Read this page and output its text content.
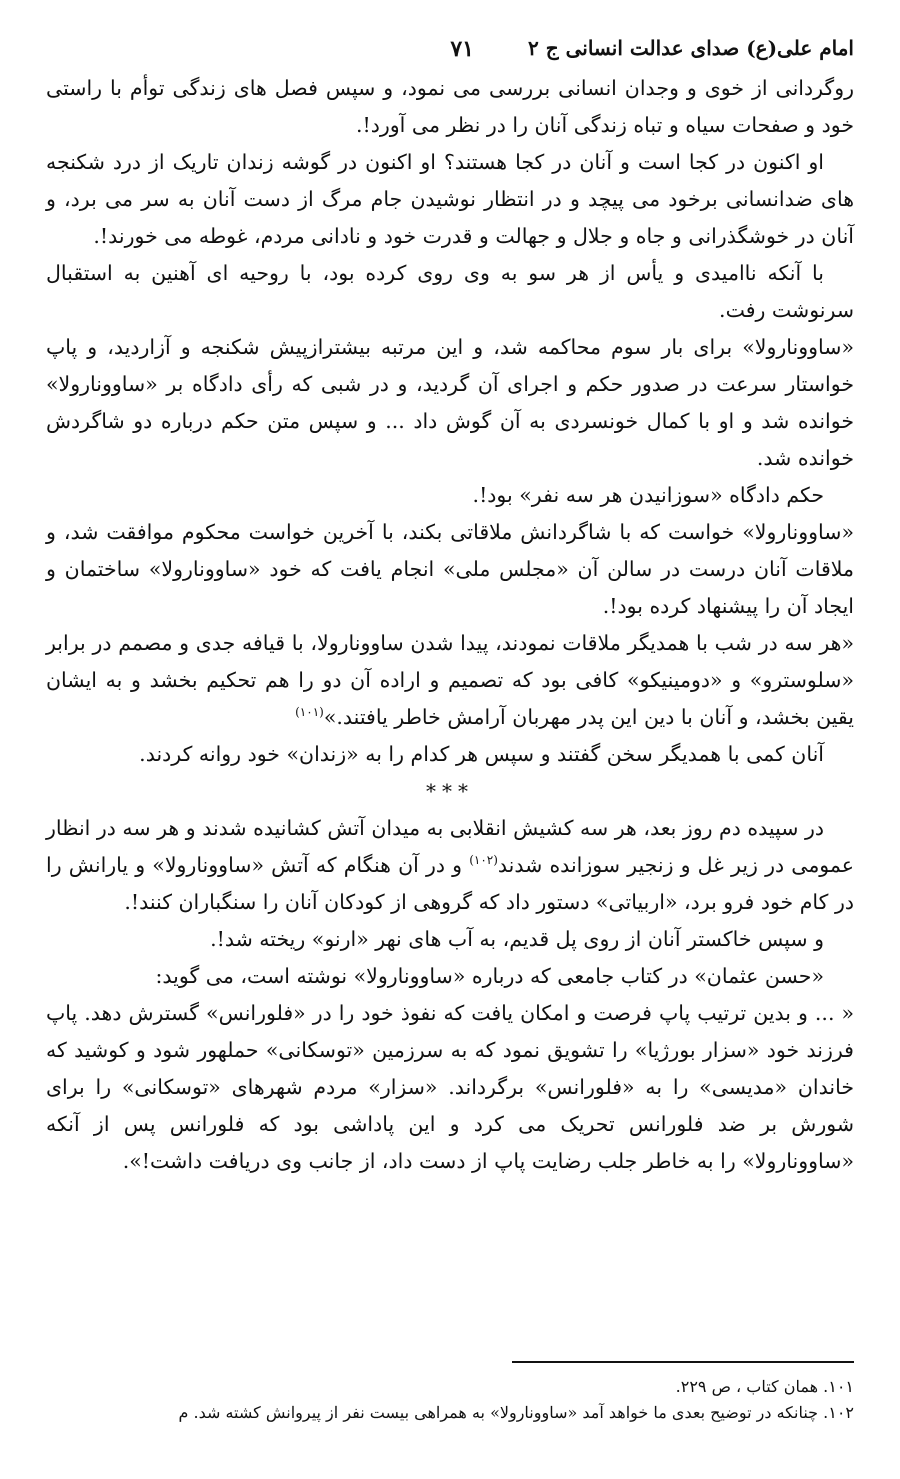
امام علی(ع) صدای عدالت انسانی ج ۲
۷۱

روگردانی از خوی و وجدان انسانی بررسی می نمود، و سپس فصل های زندگی توأم با راستی خود و صفحات سیاه و تباه زندگی آنان را در نظر می آورد!.

او اکنون در کجا است و آنان در کجا هستند؟ او اکنون در گوشه زندان تاریک از درد شکنجه های ضدانسانی برخود می پیچد و در انتظار نوشیدن جام مرگ از دست آنان به سر می برد، و آنان در خوشگذرانی و جاه و جلال و جهالت و قدرت خود و نادانی مردم، غوطه می خورند!.

با آنکه ناامیدی و یأس از هر سو به وی روی کرده بود، با روحیه ای آهنین به استقبال سرنوشت رفت.

«ساوونارولا» برای بار سوم محاکمه شد، و این مرتبه بیشترازپیش شکنجه و آزاردید، و پاپ خواستار سرعت در صدور حکم و اجرای آن گردید، و در شبی که رأی دادگاه بر «ساوونارولا» خوانده شد و او با کمال خونسردی به آن گوش داد ... و سپس متن حکم درباره دو شاگردش خوانده شد.

حکم دادگاه «سوزانیدن هر سه نفر» بود!.

«ساوونارولا» خواست که با شاگردانش ملاقاتی بکند، با آخرین خواست محکوم موافقت شد، و ملاقات آنان درست در سالن آن «مجلس ملی» انجام یافت که خود «ساوونارولا» ساختمان و ایجاد آن را پیشنهاد کرده بود!.

«هر سه در شب با همدیگر ملاقات نمودند، پیدا شدن ساوونارولا، با قیافه جدی و مصمم در برابر «سلوسترو» و «دومینیکو» کافی بود که تصمیم و اراده آن دو را هم تحکیم بخشد و به ایشان یقین بخشد، و آنان با دین این پدر مهربان آرامش خاطر یافتند.»$^{(۱۰۱)}$

آنان کمی با همدیگر سخن گفتند و سپس هر کدام را به «زندان» خود روانه کردند.

***

در سپیده دم روز بعد، هر سه کشیش انقلابی به میدان آتش کشانیده شدند و هر سه در انظار عمومی در زیر غل و زنجیر سوزانده شدند$^{(۱۰۲)}$ و در آن هنگام که آتش «ساوونارولا» و یارانش را در کام خود فرو برد، «اربیاتی» دستور داد که گروهی از کودکان آنان را سنگباران کنند!.

و سپس خاکستر آنان از روی پل قدیم، به آب های نهر «ارنو» ریخته شد!.

«حسن عثمان» در کتاب جامعی که درباره «ساوونارولا» نوشته است، می گوید:

« ... و بدین ترتیب پاپ فرصت و امکان یافت که نفوذ خود را در «فلورانس» گسترش دهد. پاپ فرزند خود «سزار بورژیا» را تشویق نمود که به سرزمین «توسکانی» حملهور شود و کوشید که خاندان «مدیسی» را به «فلورانس» برگرداند. «سزار» مردم شهرهای «توسکانی» را برای شورش بر ضد فلورانس تحریک می کرد و این پاداشی بود که فلورانس پس از آنکه «ساوونارولا» را به خاطر جلب رضایت پاپ از دست داد، از جانب وی دریافت داشت!».

۱۰۱. همان کتاب ، ص ۲۲۹.

۱۰۲. چنانکه در توضیح بعدی ما خواهد آمد «ساوونارولا» به همراهی بیست نفر از پیروانش کشته شد. م
